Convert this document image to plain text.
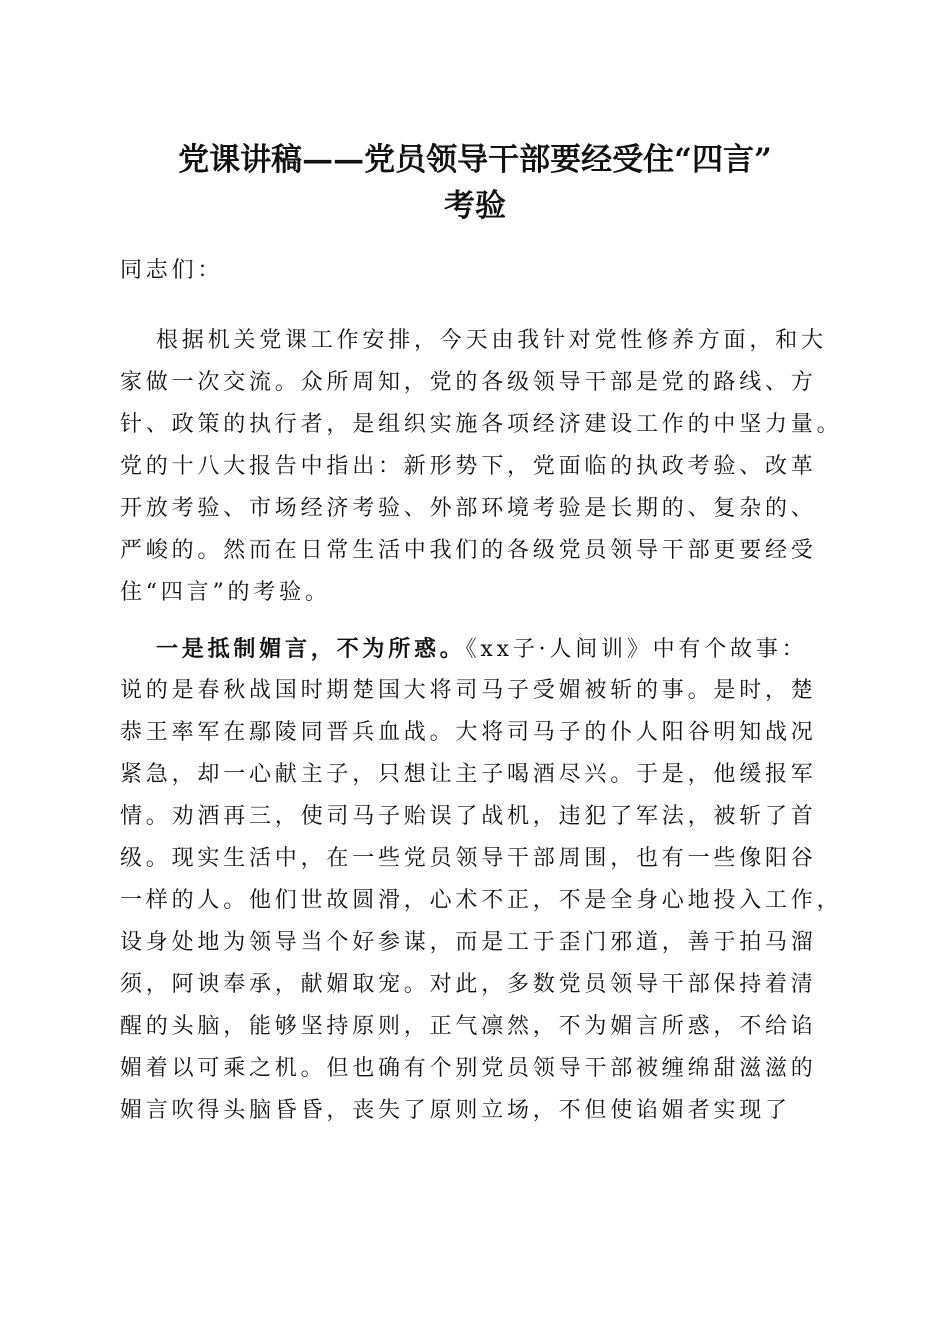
党课讲稿——党员领导干部要经受住“四言”
考验
同志们：
根据机关党课工作安排，今天由我针对党性修养方面，和大
家做一次交流。众所周知，党的各级领导干部是党的路线、方
针、政策的执行者，是组织实施各项经济建设工作的中坚力量。
党的十八大报告中指出：新形势下，党面临的执政考验、改革
开放考验、市场经济考验、外部环境考验是长期的、复杂的、
严峻的。然而在日常生活中我们的各级党员领导干部更要经受
住“四言”的考验。
一是抵制媚言，不为所惑。《xx子·人间训》中有个故事：
说的是春秋战国时期楚国大将司马子受媚被斩的事。是时，楚
恭王率军在鄢陵同晋兵血战。大将司马子的仆人阳谷明知战况
紧急，却一心献主子，只想让主子喝酒尽兴。于是，他缓报军
情。劝酒再三，使司马子贻误了战机，违犯了军法，被斩了首
级。现实生活中，在一些党员领导干部周围，也有一些像阳谷
一样的人。他们世故圆滑，心术不正，不是全身心地投入工作，
设身处地为领导当个好参谋，而是工于歪门邪道，善于拍马溜
须，阿谀奉承，献媚取宠。对此，多数党员领导干部保持着清
醒的头脑，能够坚持原则，正气凛然，不为媚言所惑，不给谄
媚着以可乘之机。但也确有个别党员领导干部被缠绵甜滋滋的
媚言吹得头脑昏昏，丧失了原则立场，不但使谄媚者实现了
